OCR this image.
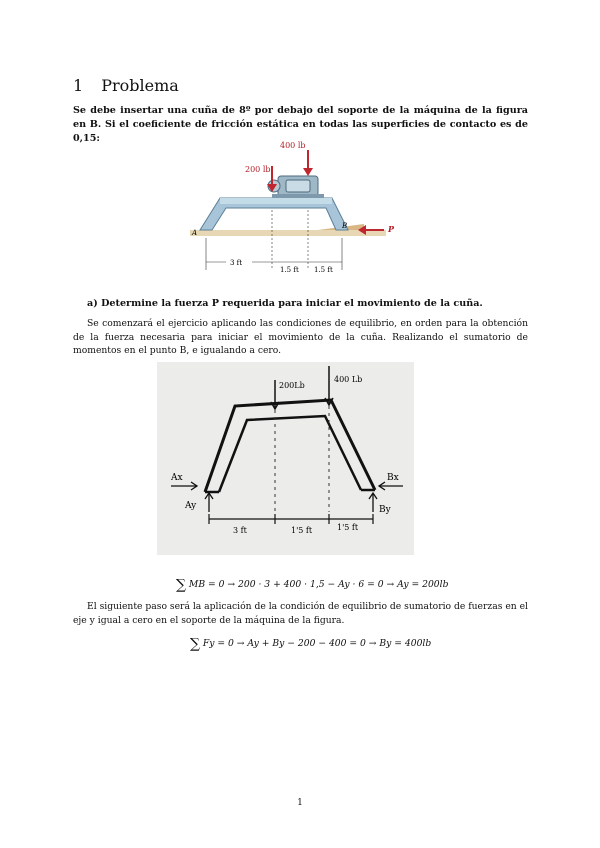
1 Problema
Se debe insertar una cuña de 8º por debajo del soporte de la máquina de la figura en B. Si el coeficiente de fricción estática en todas las superficies de contacto es de 0,15:
400 lb
200 lb
P
A
B
3 ft
1.5 ft 1.5 ft
a) Determine la fuerza P requerida para iniciar el movimiento de la cuña.
Se comenzará el ejercicio aplicando las condiciones de equilibrio, en orden para la obtención de la fuerza necesaria para iniciar el movimiento de la cuña. Realizando el sumatorio de momentos en el punto B, e igualando a cero.
200Lb
400 Lb
Ax
Ay
Bx
By
3 ft	1'5 ft	1'5 ft
∑ MB = 0 → 200 · 3 + 400 · 1,5 − Ay · 6 = 0 → Ay = 200lb
El siguiente paso será la aplicación de la condición de equilibrio de sumatorio de fuerzas en el eje y igual a cero en el soporte de la máquina de la figura.
∑ Fy = 0 → Ay + By − 200 − 400 = 0 → By = 400lb
1
